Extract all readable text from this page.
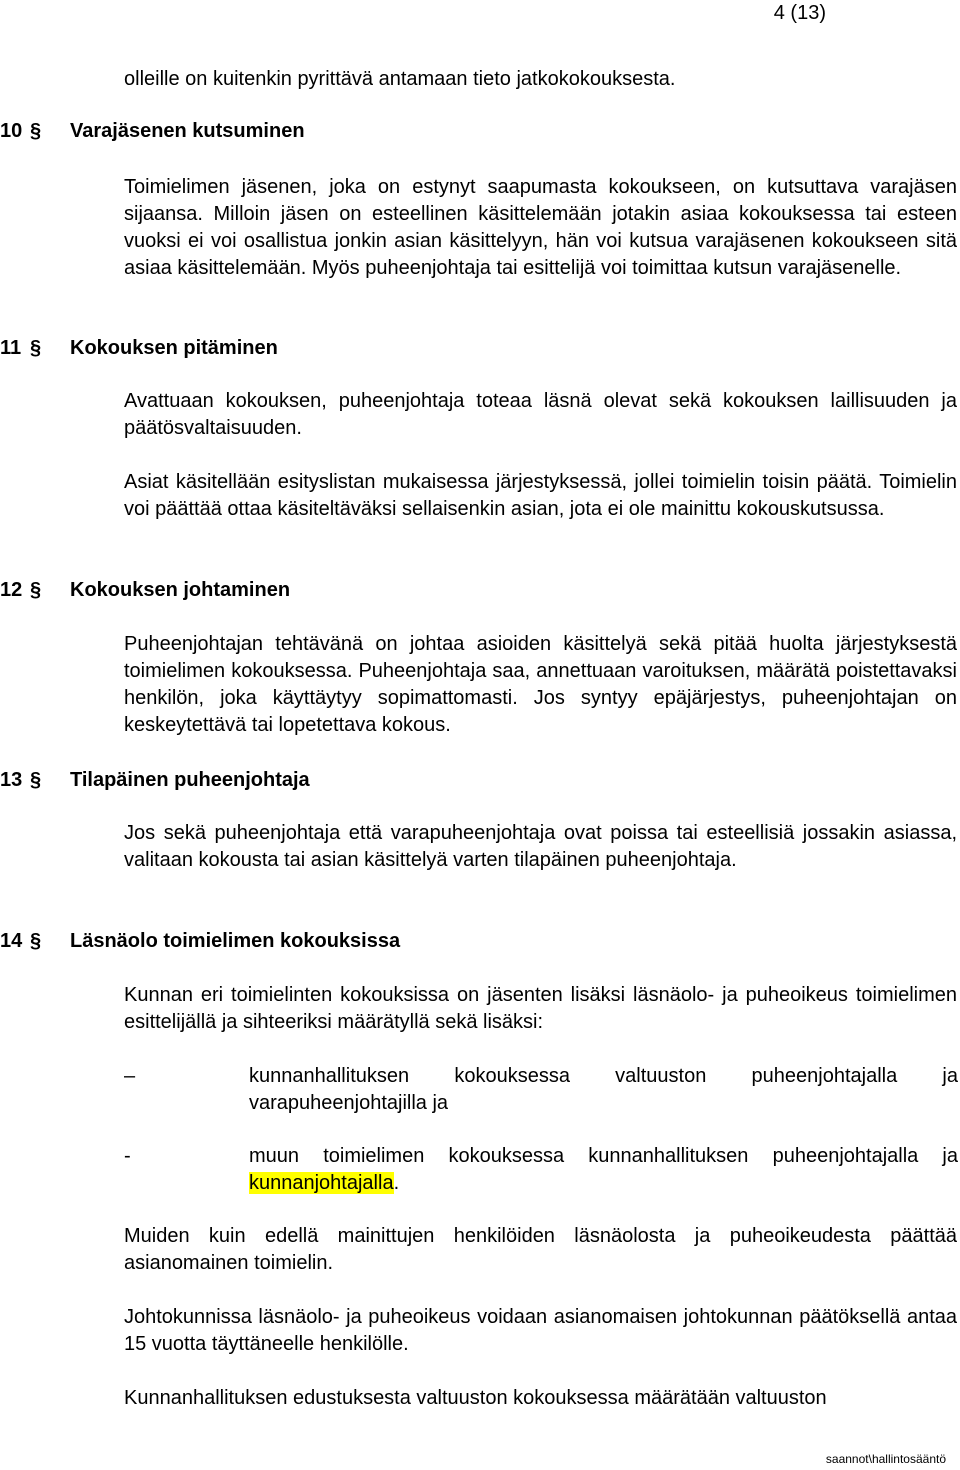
4 (13)
olleille on kuitenkin pyrittävä antamaan tieto jatkokokouksesta.
10 § Varajäsenen kutsuminen
Toimielimen jäsenen, joka on estynyt saapumasta kokoukseen, on kutsuttava varajäsen sijaansa. Milloin jäsen on esteellinen käsittelemään jotakin asiaa kokouksessa tai esteen vuoksi ei voi osallistua jonkin asian käsittelyyn, hän voi kutsua varajäsenen kokoukseen sitä asiaa käsittelemään. Myös puheenjohtaja tai esittelijä voi toimittaa kutsun varajäsenelle.
11 § Kokouksen pitäminen
Avattuaan kokouksen, puheenjohtaja toteaa läsnä olevat sekä kokouksen laillisuuden ja päätösvaltaisuuden.
Asiat käsitellään esityslistan mukaisessa järjestyksessä, jollei toimielin toisin päätä. Toimielin voi päättää ottaa käsiteltäväksi sellaisenkin asian, jota ei ole mainittu kokouskutsussa.
12 § Kokouksen johtaminen
Puheenjohtajan tehtävänä on johtaa asioiden käsittelyä sekä pitää huolta järjestyksestä toimielimen kokouksessa. Puheenjohtaja saa, annettuaan varoituksen, määrätä poistettavaksi henkilön, joka käyttäytyy sopimattomasti. Jos syntyy epäjärjestys, puheenjohtajan on keskeytettävä tai lopetettava kokous.
13 § Tilapäinen puheenjohtaja
Jos sekä puheenjohtaja että varapuheenjohtaja ovat poissa tai esteellisiä jossakin asiassa, valitaan kokousta tai asian käsittelyä varten tilapäinen puheenjohtaja.
14 § Läsnäolo toimielimen kokouksissa
Kunnan eri toimielinten kokouksissa on jäsenten lisäksi läsnäolo- ja puheoikeus toimielimen esittelijällä ja sihteeriksi määrätyllä sekä lisäksi:
–	kunnanhallituksen kokouksessa valtuuston puheenjohtajalla ja varapuheenjohtajilla ja
-	muun toimielimen kokouksessa kunnanhallituksen puheenjohtajalla ja kunnanjohtajalla.
Muiden kuin edellä mainittujen henkilöiden läsnäolosta ja puheoikeudesta päättää asianomainen toimielin.
Johtokunnissa läsnäolo- ja puheoikeus voidaan asianomaisen johtokunnan päätöksellä antaa 15 vuotta täyttäneelle henkilölle.
Kunnanhallituksen edustuksesta valtuuston kokouksessa määrätään valtuuston
saannot\hallintosääntö
